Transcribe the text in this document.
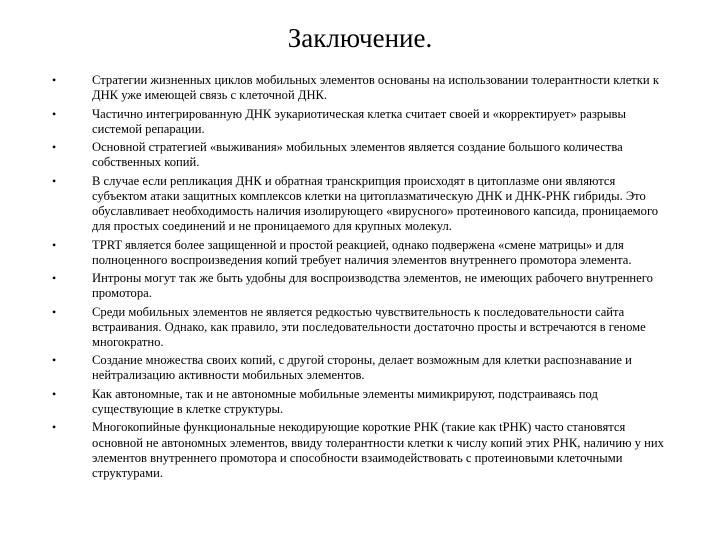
Заключение.
•	Стратегии жизненных циклов мобильных элементов основаны на использовании толерантности клетки к ДНК уже имеющей связь с клеточной ДНК.
•	Частично интегрированную ДНК эукариотическая клетка считает своей и «корректирует» разрывы системой репарации.
•	Основной стратегией «выживания» мобильных элементов является создание большого количества собственных копий.
•	В случае если репликация ДНК и обратная транскрипция происходят в цитоплазме они являются субъектом атаки защитных комплексов клетки на цитоплазматическую ДНК и ДНК-РНК гибриды. Это обуславливает необходимость наличия изолирующего «вирусного» протеинового капсида, проницаемого для простых соединений и не проницаемого для крупных молекул.
•	TPRT является более защищенной и простой реакцией, однако подвержена «смене матрицы» и для полноценного воспроизведения копий требует наличия элементов внутреннего промотора элемента.
•	Интроны могут так же быть удобны для воспроизводства элементов, не имеющих рабочего внутреннего промотора.
•	Среди мобильных элементов не является редкостью чувствительность к последовательности сайта встраивания. Однако, как правило, эти последовательности достаточно просты и встречаются в геноме многократно.
•	Создание множества своих копий, с другой стороны, делает возможным для клетки распознавание и нейтрализацию активности мобильных элементов.
•	Как автономные, так и не автономные мобильные элементы мимикрируют, подстраиваясь под существующие в клетке структуры.
•	Многокопийные функциональные некодирующие короткие РНК (такие как tРНК) часто становятся основной не автономных элементов, ввиду толерантности клетки к числу копий этих РНК, наличию у них элементов внутреннего промотора и способности взаимодействовать с протеиновыми клеточными структурами.
